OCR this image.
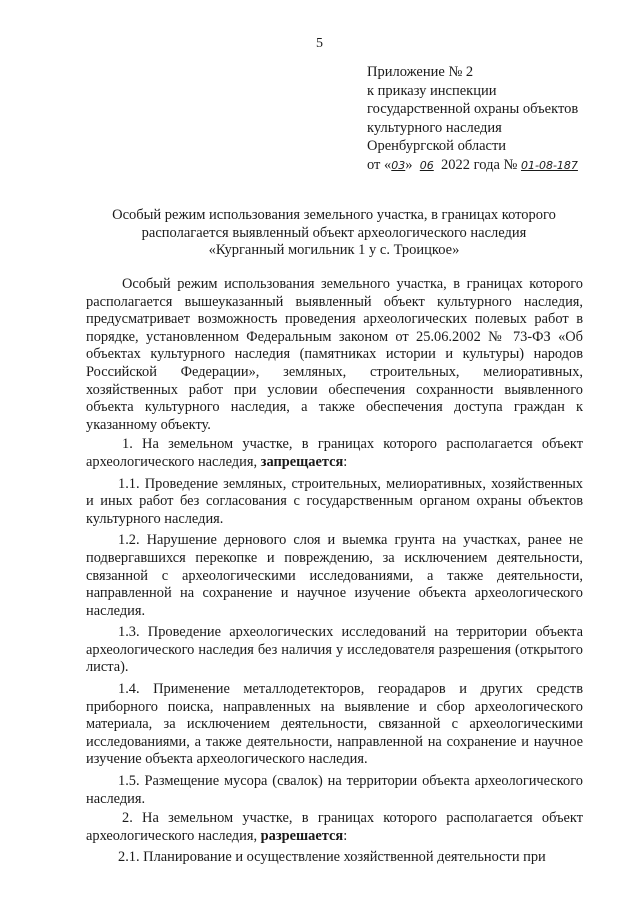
5
Приложение № 2
к приказу инспекции
государственной охраны объектов
культурного наследия
Оренбургской области
от «03» 06 2022 года № 01-08-187
Особый режим использования земельного участка, в границах которого
располагается выявленный объект археологического наследия
«Курганный могильник 1 у с. Троицкое»

Особый режим использования земельного участка, в границах которого располагается вышеуказанный выявленный объект культурного наследия, предусматривает возможность проведения археологических полевых работ в порядке, установленном Федеральным законом от 25.06.2002 № 73-ФЗ «Об объектах культурного наследия (памятниках истории и культуры) народов Российской Федерации», земляных, строительных, мелиоративных, хозяйственных работ при условии обеспечения сохранности выявленного объекта культурного наследия, а также обеспечения доступа граждан к указанному объекту.

1. На земельном участке, в границах которого располагается объект археологического наследия, запрещается:

1.1. Проведение земляных, строительных, мелиоративных, хозяйственных и иных работ без согласования с государственным органом охраны объектов культурного наследия.

1.2. Нарушение дернового слоя и выемка грунта на участках, ранее не подвергавшихся перекопке и повреждению, за исключением деятельности, связанной с археологическими исследованиями, а также деятельности, направленной на сохранение и научное изучение объекта археологического наследия.

1.3. Проведение археологических исследований на территории объекта археологического наследия без наличия у исследователя разрешения (открытого листа).

1.4. Применение металлодетекторов, георадаров и других средств приборного поиска, направленных на выявление и сбор археологического материала, за исключением деятельности, связанной с археологическими исследованиями, а также деятельности, направленной на сохранение и научное изучение объекта археологического наследия.

1.5. Размещение мусора (свалок) на территории объекта археологического наследия.

2. На земельном участке, в границах которого располагается объект археологического наследия, разрешается:

2.1. Планирование и осуществление хозяйственной деятельности при
